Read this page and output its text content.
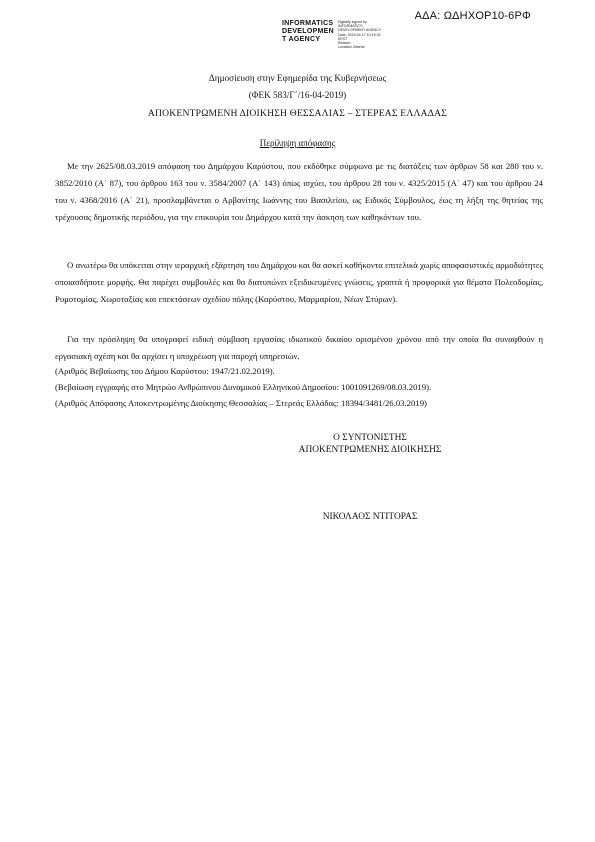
ΑΔΑ: ΩΔΗΧΟΡ10-6ΡΦ
INFORMATICS
DEVELOPMEN
T AGENCY
Digitally signed by
INFORMATICS
DEVELOPMENT AGENCY
Date: 2019.04.17 10:19:32
EEST
Reason:
Location: Athens
Δημοσίευση στην Εφημερίδα της Κυβερνήσεως
(ΦΕΚ 583/Γ΄/16-04-2019)
ΑΠΟΚΕΝΤΡΩΜΕΝΗ ΔΙΟΙΚΗΣΗ ΘΕΣΣΑΛΙΑΣ – ΣΤΕΡΕΑΣ ΕΛΛΑΔΑΣ
Περίληψη απόφασης
Με την 2625/08.03.2019 απόφαση του Δημάρχου Καρύστου, που εκδόθηκε σύμφωνα με τις διατάξεις των άρθρων 58 και 280 του ν. 3852/2010 (Α΄ 87), του άρθρου 163 του ν. 3584/2007 (Α΄ 143) όπως ισχύει, του άρθρου 28 του ν. 4325/2015 (Α΄ 47) και του άρθρου 24 του ν. 4368/2016 (Α΄ 21), προσλαμβάνεται ο Αρβανίτης Ιωάννης του Βασιλείου, ως Ειδικός Σύμβουλος, έως τη λήξη της θητείας της τρέχουσας δημοτικής περιόδου, για την επικουρία του Δημάρχου κατά την άσκηση των καθηκόντων του.
Ο ανωτέρω θα υπόκειται στην ιεραρχική εξάρτηση του Δημάρχου και θα ασκεί καθήκοντα επιτελικά χωρίς αποφασιστικές αρμοδιότητες οποιασδήποτε μορφής. Θα παρέχει συμβουλές και θα διατυπώνει εξειδικευμένες γνώσεις, γραπτά ή προφορικά για θέματα Πολεοδομίας, Ρυμοτομίας, Χωροταξίας και επεκτάσεων σχεδίου πόλης (Καρύστου, Μαρμαρίου, Νέων Στύρων).
Για την πρόσληψη θα υπογραφεί ειδική σύμβαση εργασίας ιδιωτικού δικαίου ορισμένου χρόνου από την οποία θα συναφθούν η εργασιακή σχέση και θα αρχίσει η υποχρέωση για παροχή υπηρεσιών.
(Αριθμός Βεβαίωσης του Δήμου Καρύστου: 1947/21.02.2019).
(Βεβαίωση εγγραφής στο Μητρώο Ανθρώπινου Δυναμικού Ελληνικού Δημοσίου: 1001091269/08.03.2019).
(Αριθμός Απόφασης Αποκεντρωμένης Διοίκησης Θεσσαλίας – Στερεάς Ελλάδας: 18394/3481/26.03.2019)
Ο ΣΥΝΤΟΝΙΣΤΗΣ
ΑΠΟΚΕΝΤΡΩΜΕΝΗΣ ΔΙΟΙΚΗΣΗΣ
ΝΙΚΟΛΑΟΣ ΝΤΙΤΟΡΑΣ
